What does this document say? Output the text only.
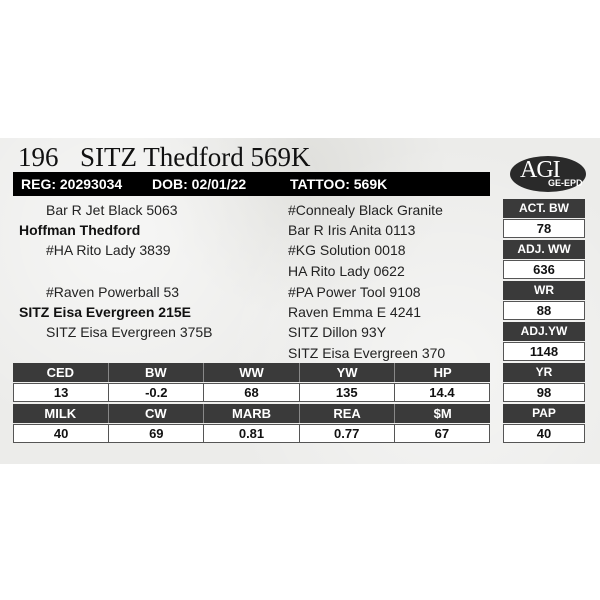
196 SITZ Thedford 569K	AGI
GE-EPD
REG: 20293034 DOB: 02/01/22	TATTOO: 569K
Bar R Jet Black 5063
Hoffman Thedford
#HA Rito Lady 3839
#Raven Powerball 53
SITZ Eisa Evergreen 215E
SITZ Eisa Evergreen 375B
#Connealy Black Granite
Bar R Iris Anita 0113
#KG Solution 0018
HA Rito Lady 0622
#PA Power Tool 9108
Raven Emma E 4241
SITZ Dillon 93Y
SITZ Eisa Evergreen 370
ACT. BW
78
ADJ. WW
636
WR
88
ADJ.YW
1148
YR
98
PAP
40
CED	BW	WW	YW	HP
13	-0.2	68	135	14.4
MILK	CW	MARB	REA	$M
40	69	0.81	0.77	67
